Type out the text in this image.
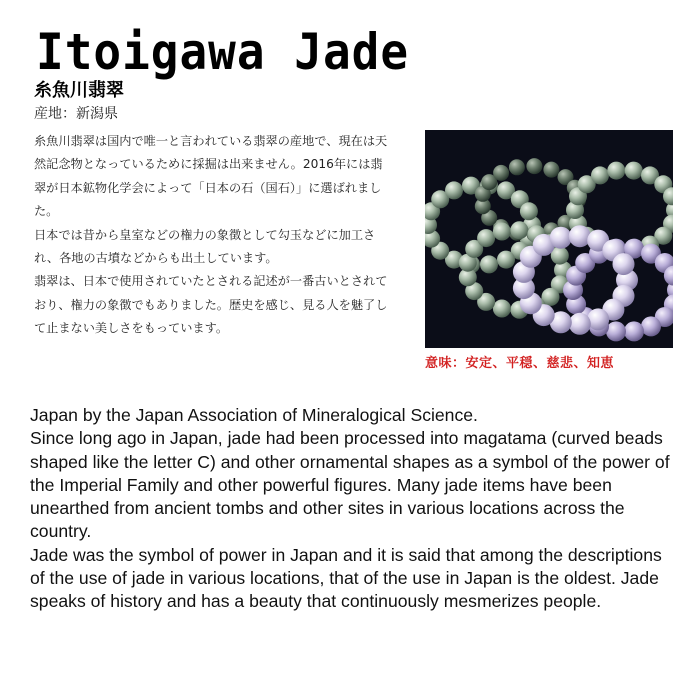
Itoigawa Jade
糸魚川翡翠
産地：新潟県

糸魚川翡翠は国内で唯一と言われている翡翠の産地で、現在は天然記念物となっているために採掘は出来ません。2016年には翡翠が日本鉱物化学会によって「日本の石（国石）」に選ばれました。

日本では昔から皇室などの権力の象徴として勾玉などに加工され、各地の古墳などからも出土しています。

翡翠は、日本で使用されていたとされる記述が一番古いとされており、権力の象徴でもありました。歴史を感じ、見る人を魅了して止まない美しさをもっています。

意味：安定、平穏、慈悲、知恵

Japan by the Japan Association of Mineralogical Science.

Since long ago in Japan, jade had been processed into magatama (curved beads shaped like the letter C) and other ornamental shapes as a symbol of the power of the Imperial Family and other powerful figures. Many jade items have been unearthed from ancient tombs and other sites in various locations across the country.

Jade was the symbol of power in Japan and it is said that among the descriptions of the use of jade in various locations, that of the use in Japan is the oldest. Jade speaks of history and has a beauty that continuously mesmerizes people.
